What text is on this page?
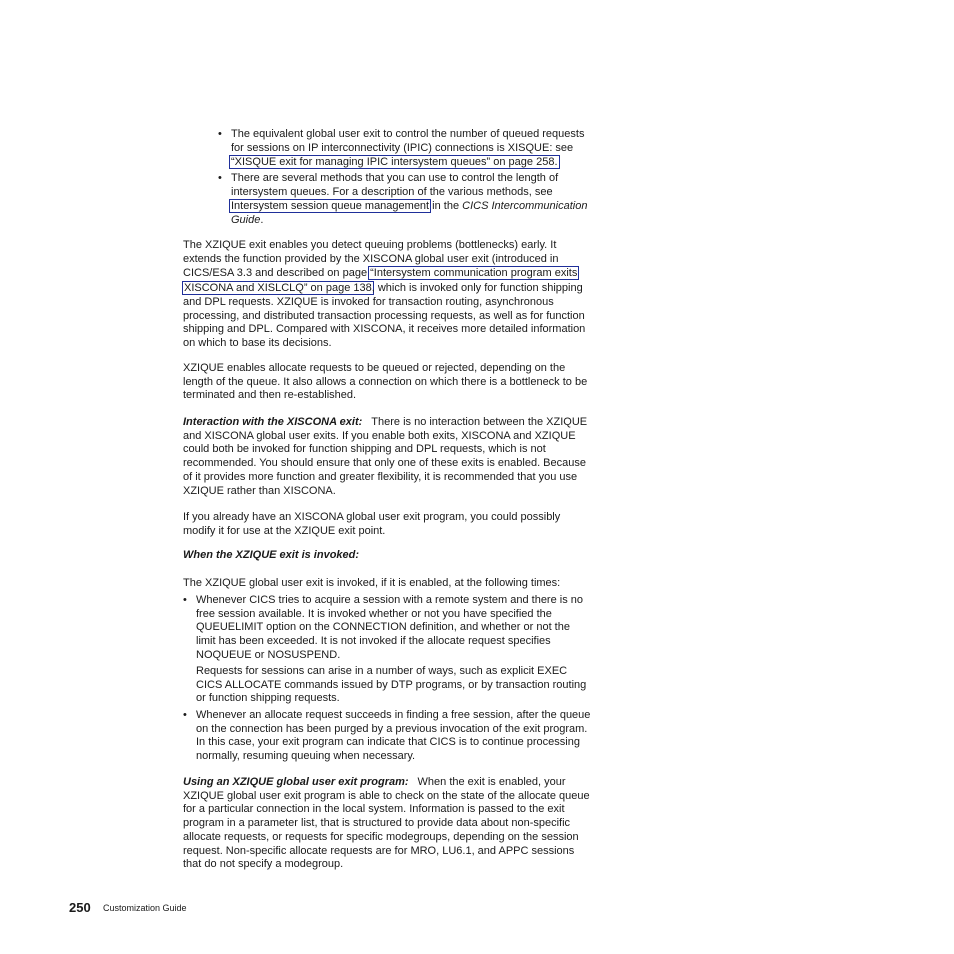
• The equivalent global user exit to control the number of queued requests
for sessions on IP interconnectivity (IPIC) connections is XISQUE: see
“XISQUE exit for managing IPIC intersystem queues” on page 258.
• There are several methods that you can use to control the length of
intersystem queues. For a description of the various methods, see
Intersystem session queue management in the CICS Intercommunication
Guide.
The XZIQUE exit enables you detect queuing problems (bottlenecks) early. It
extends the function provided by the XISCONA global user exit (introduced in
CICS/ESA 3.3 and described on page “Intersystem communication program exits
XISCONA and XISLCLQ” on page 138, which is invoked only for function shipping
and DPL requests. XZIQUE is invoked for transaction routing, asynchronous
processing, and distributed transaction processing requests, as well as for function
shipping and DPL. Compared with XISCONA, it receives more detailed information
on which to base its decisions.
XZIQUE enables allocate requests to be queued or rejected, depending on the
length of the queue. It also allows a connection on which there is a bottleneck to be
terminated and then re-established.
Interaction with the XISCONA exit: There is no interaction between the XZIQUE
and XISCONA global user exits. If you enable both exits, XISCONA and XZIQUE
could both be invoked for function shipping and DPL requests, which is not
recommended. You should ensure that only one of these exits is enabled. Because
of it provides more function and greater flexibility, it is recommended that you use
XZIQUE rather than XISCONA.
If you already have an XISCONA global user exit program, you could possibly
modify it for use at the XZIQUE exit point.
When the XZIQUE exit is invoked:
The XZIQUE global user exit is invoked, if it is enabled, at the following times:
• Whenever CICS tries to acquire a session with a remote system and there is no
free session available. It is invoked whether or not you have specified the
QUEUELIMIT option on the CONNECTION definition, and whether or not the
limit has been exceeded. It is not invoked if the allocate request specifies
NOQUEUE or NOSUSPEND.
Requests for sessions can arise in a number of ways, such as explicit EXEC
CICS ALLOCATE commands issued by DTP programs, or by transaction routing
or function shipping requests.
• Whenever an allocate request succeeds in finding a free session, after the queue
on the connection has been purged by a previous invocation of the exit program.
In this case, your exit program can indicate that CICS is to continue processing
normally, resuming queuing when necessary.
Using an XZIQUE global user exit program: When the exit is enabled, your
XZIQUE global user exit program is able to check on the state of the allocate queue
for a particular connection in the local system. Information is passed to the exit
program in a parameter list, that is structured to provide data about non-specific
allocate requests, or requests for specific modegroups, depending on the session
request. Non-specific allocate requests are for MRO, LU6.1, and APPC sessions
that do not specify a modegroup.
250 Customization Guide
